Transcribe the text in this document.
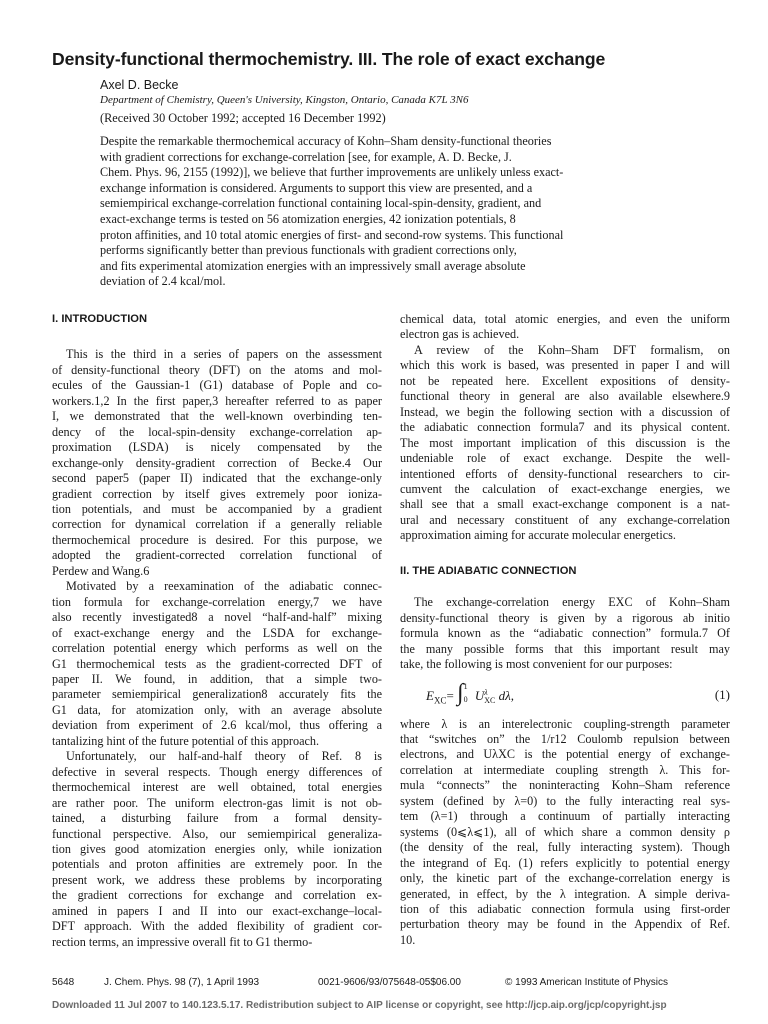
Density-functional thermochemistry. III. The role of exact exchange
Axel D. Becke
Department of Chemistry, Queen's University, Kingston, Ontario, Canada K7L 3N6
(Received 30 October 1992; accepted 16 December 1992)
Despite the remarkable thermochemical accuracy of Kohn–Sham density-functional theories
with gradient corrections for exchange-correlation [see, for example, A. D. Becke, J.
Chem. Phys. 96, 2155 (1992)], we believe that further improvements are unlikely unless exact-
exchange information is considered. Arguments to support this view are presented, and a
semiempirical exchange-correlation functional containing local-spin-density, gradient, and
exact-exchange terms is tested on 56 atomization energies, 42 ionization potentials, 8
proton affinities, and 10 total atomic energies of first- and second-row systems. This functional
performs significantly better than previous functionals with gradient corrections only,
and fits experimental atomization energies with an impressively small average absolute
deviation of 2.4 kcal/mol.
I. INTRODUCTION
This is the third in a series of papers on the assessment
of density-functional theory (DFT) on the atoms and mol-
ecules of the Gaussian-1 (G1) database of Pople and co-
workers.1,2 In the first paper,3 hereafter referred to as paper
I, we demonstrated that the well-known overbinding ten-
dency of the local-spin-density exchange-correlation ap-
proximation (LSDA) is nicely compensated by the
exchange-only density-gradient correction of Becke.4 Our
second paper5 (paper II) indicated that the exchange-only
gradient correction by itself gives extremely poor ioniza-
tion potentials, and must be accompanied by a gradient
correction for dynamical correlation if a generally reliable
thermochemical procedure is desired. For this purpose, we
adopted the gradient-corrected correlation functional of
Perdew and Wang.6
Motivated by a reexamination of the adiabatic connec-
tion formula for exchange-correlation energy,7 we have
also recently investigated8 a novel “half-and-half” mixing
of exact-exchange energy and the LSDA for exchange-
correlation potential energy which performs as well on the
G1 thermochemical tests as the gradient-corrected DFT of
paper II. We found, in addition, that a simple two-
parameter semiempirical generalization8 accurately fits the
G1 data, for atomization only, with an average absolute
deviation from experiment of 2.6 kcal/mol, thus offering a
tantalizing hint of the future potential of this approach.
Unfortunately, our half-and-half theory of Ref. 8 is
defective in several respects. Though energy differences of
thermochemical interest are well obtained, total energies
are rather poor. The uniform electron-gas limit is not ob-
tained, a disturbing failure from a formal density-
functional perspective. Also, our semiempirical generaliza-
tion gives good atomization energies only, while ionization
potentials and proton affinities are extremely poor. In the
present work, we address these problems by incorporating
the gradient corrections for exchange and correlation ex-
amined in papers I and II into our exact-exchange–local-
DFT approach. With the added flexibility of gradient cor-
rection terms, an impressive overall fit to G1 thermo-
chemical data, total atomic energies, and even the uniform
electron gas is achieved.
A review of the Kohn–Sham DFT formalism, on
which this work is based, was presented in paper I and will
not be repeated here. Excellent expositions of density-
functional theory in general are also available elsewhere.9
Instead, we begin the following section with a discussion of
the adiabatic connection formula7 and its physical content.
The most important implication of this discussion is the
undeniable role of exact exchange. Despite the well-
intentioned efforts of density-functional researchers to cir-
cumvent the calculation of exact-exchange energies, we
shall see that a small exact-exchange component is a nat-
ural and necessary constituent of any exchange-correlation
approximation aiming for accurate molecular energetics.
II. THE ADIABATIC CONNECTION
The exchange-correlation energy EXC of Kohn–Sham
density-functional theory is given by a rigorous ab initio
formula known as the “adiabatic connection” formula.7 Of
the many possible forms that this important result may
take, the following is most convenient for our purposes:
$E_{XC}=$ ∫ 1
0 U λ
XC dλ,	(1)
where λ is an interelectronic coupling-strength parameter
that “switches on” the 1/r12 Coulomb repulsion between
electrons, and UλXC is the potential energy of exchange-
correlation at intermediate coupling strength λ. This for-
mula “connects” the noninteracting Kohn–Sham reference
system (defined by λ=0) to the fully interacting real sys-
tem (λ=1) through a continuum of partially interacting
systems (0⩽λ⩽1), all of which share a common density ρ
(the density of the real, fully interacting system). Though
the integrand of Eq. (1) refers explicitly to potential energy
only, the kinetic part of the exchange-correlation energy is
generated, in effect, by the λ integration. A simple deriva-
tion of this adiabatic connection formula using first-order
perturbation theory may be found in the Appendix of Ref.
10.
5648	J. Chem. Phys. 98 (7), 1 April 1993	0021-9606/93/075648-05$06.00	© 1993 American Institute of Physics
Downloaded 11 Jul 2007 to 140.123.5.17. Redistribution subject to AIP license or copyright, see http://jcp.aip.org/jcp/copyright.jsp
